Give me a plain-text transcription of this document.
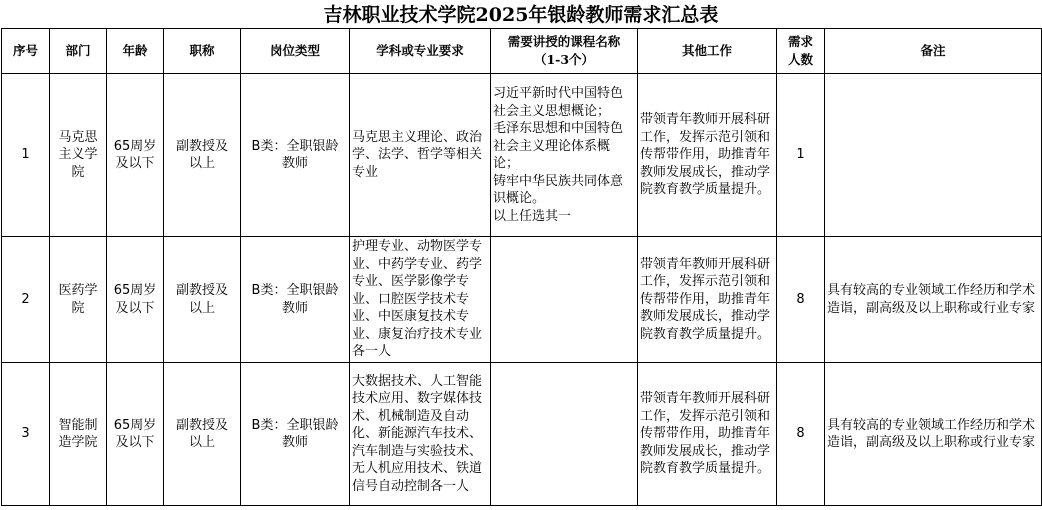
吉林职业技术学院2025年银龄教师需求汇总表
序号	部门	年龄	职称	岗位类型	学科或专业要求	需要讲授的课程名称（1-3个）	其他工作	需求人数	备注
1	马克思主义学院	65周岁及以下	副教授及以上	B类：全职银龄教师	马克思主义理论、政治学、法学、哲学等相关专业	习近平新时代中国特色社会主义思想概论；
毛泽东思想和中国特色社会主义理论体系概论；
铸牢中华民族共同体意识概论。
以上任选其一	带领青年教师开展科研工作，发挥示范引领和传帮带作用，助推青年教师发展成长，推动学院教育教学质量提升。	1	
2	医药学院	65周岁及以下	副教授及以上	B类：全职银龄教师	护理专业、动物医学专业、中药学专业、药学专业、医学影像学专业、口腔医学技术专业、中医康复技术专业、康复治疗技术专业各一人		带领青年教师开展科研工作，发挥示范引领和传帮带作用，助推青年教师发展成长，推动学院教育教学质量提升。	8	具有较高的专业领域工作经历和学术造诣，副高级及以上职称或行业专家
3	智能制造学院	65周岁及以下	副教授及以上	B类：全职银龄教师	大数据技术、人工智能技术应用、数字媒体技术、机械制造及自动化、新能源汽车技术、汽车制造与实验技术、无人机应用技术、铁道信号自动控制各一人		带领青年教师开展科研工作，发挥示范引领和传帮带作用，助推青年教师发展成长，推动学院教育教学质量提升。	8	具有较高的专业领域工作经历和学术造诣，副高级及以上职称或行业专家
